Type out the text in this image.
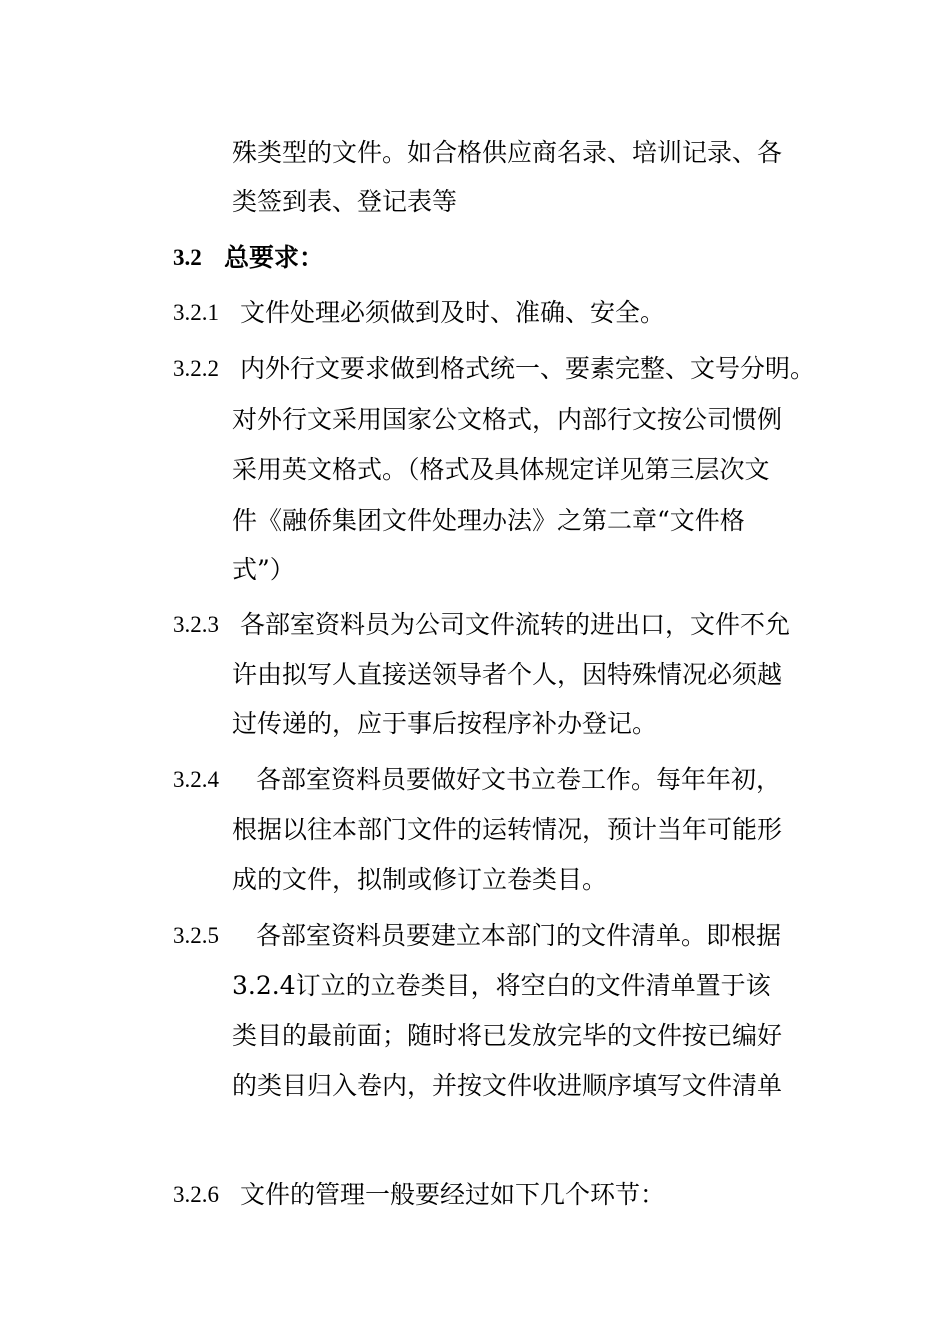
殊类型的文件。如合格供应商名录、培训记录、各
类签到表、登记表等
3.2 总要求：
3.2.1 文件处理必须做到及时、准确、安全。
3.2.2 内外行文要求做到格式统一、要素完整、文号分明。
对外行文采用国家公文格式，内部行文按公司惯例
采用英文格式。（格式及具体规定详见第三层次文
件《融侨集团文件处理办法》之第二章“文件格
式”）
3.2.3 各部室资料员为公司文件流转的进出口，文件不允
许由拟写人直接送领导者个人，因特殊情况必须越
过传递的，应于事后按程序补办登记。
3.2.4 各部室资料员要做好文书立卷工作。每年年初，
根据以往本部门文件的运转情况，预计当年可能形
成的文件，拟制或修订立卷类目。
3.2.5 各部室资料员要建立本部门的文件清单。即根据
3.2.4订立的立卷类目，将空白的文件清单置于该
类目的最前面；随时将已发放完毕的文件按已编好
的类目归入卷内，并按文件收进顺序填写文件清单
3.2.6 文件的管理一般要经过如下几个环节：
